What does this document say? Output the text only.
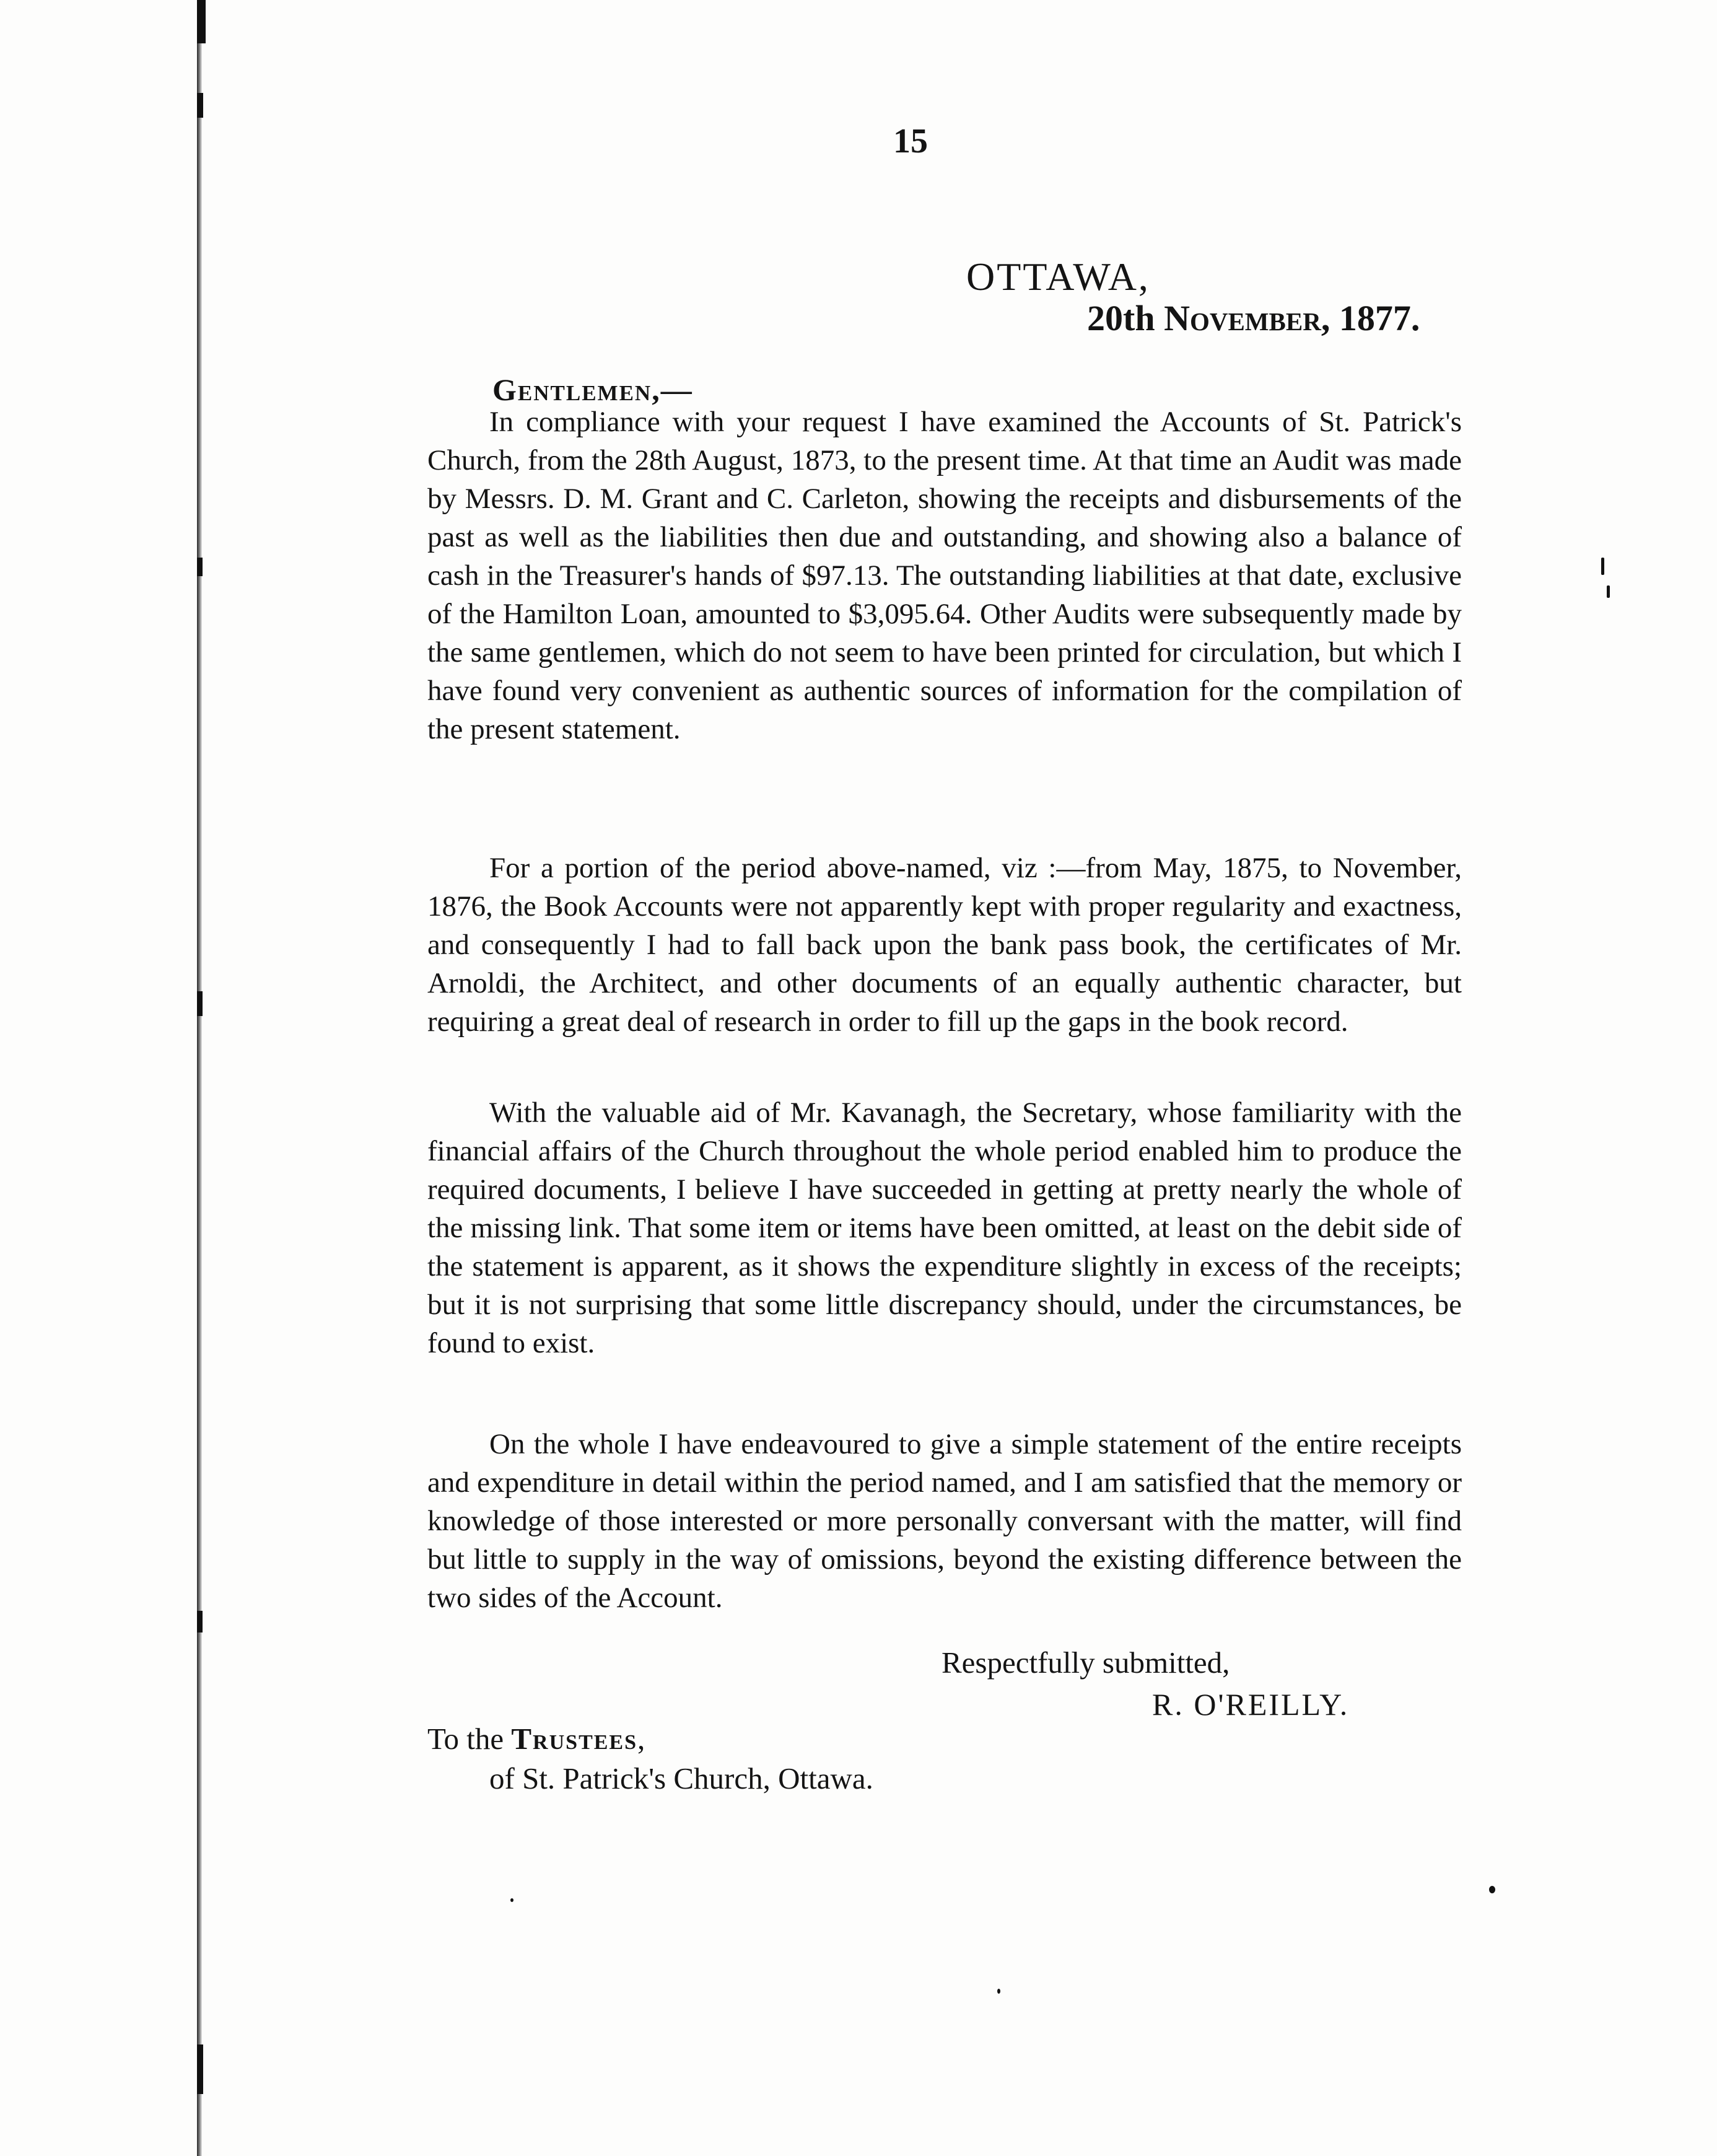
15
OTTAWA,
20th November, 1877.
Gentlemen,—

In compliance with your request I have examined the Accounts of St. Patrick's Church, from the 28th August, 1873, to the present time. At that time an Audit was made by Messrs. D. M. Grant and C. Carleton, showing the receipts and disbursements of the past as well as the liabilities then due and outstanding, and showing also a balance of cash in the Treasurer's hands of $97.13. The outstanding liabilities at that date, exclusive of the Hamilton Loan, amounted to $3,095.64. Other Audits were subsequently made by the same gentlemen, which do not seem to have been printed for circulation, but which I have found very convenient as authentic sources of information for the compilation of the present statement.

For a portion of the period above-named, viz :—from May, 1875, to November, 1876, the Book Accounts were not apparently kept with proper regularity and exactness, and consequently I had to fall back upon the bank pass book, the certificates of Mr. Arnoldi, the Architect, and other documents of an equally authentic character, but requiring a great deal of research in order to fill up the gaps in the book record.

With the valuable aid of Mr. Kavanagh, the Secretary, whose familiarity with the financial affairs of the Church throughout the whole period enabled him to produce the required documents, I believe I have succeeded in getting at pretty nearly the whole of the missing link. That some item or items have been omitted, at least on the debit side of the statement is apparent, as it shows the expenditure slightly in excess of the receipts; but it is not surprising that some little discrepancy should, under the circumstances, be found to exist.

On the whole I have endeavoured to give a simple statement of the entire receipts and expenditure in detail within the period named, and I am satisfied that the memory or knowledge of those interested or more personally conversant with the matter, will find but little to supply in the way of omissions, beyond the existing difference between the two sides of the Account.

Respectfully submitted,
R. O'REILLY.
To the Trustees,
of St. Patrick's Church, Ottawa.
